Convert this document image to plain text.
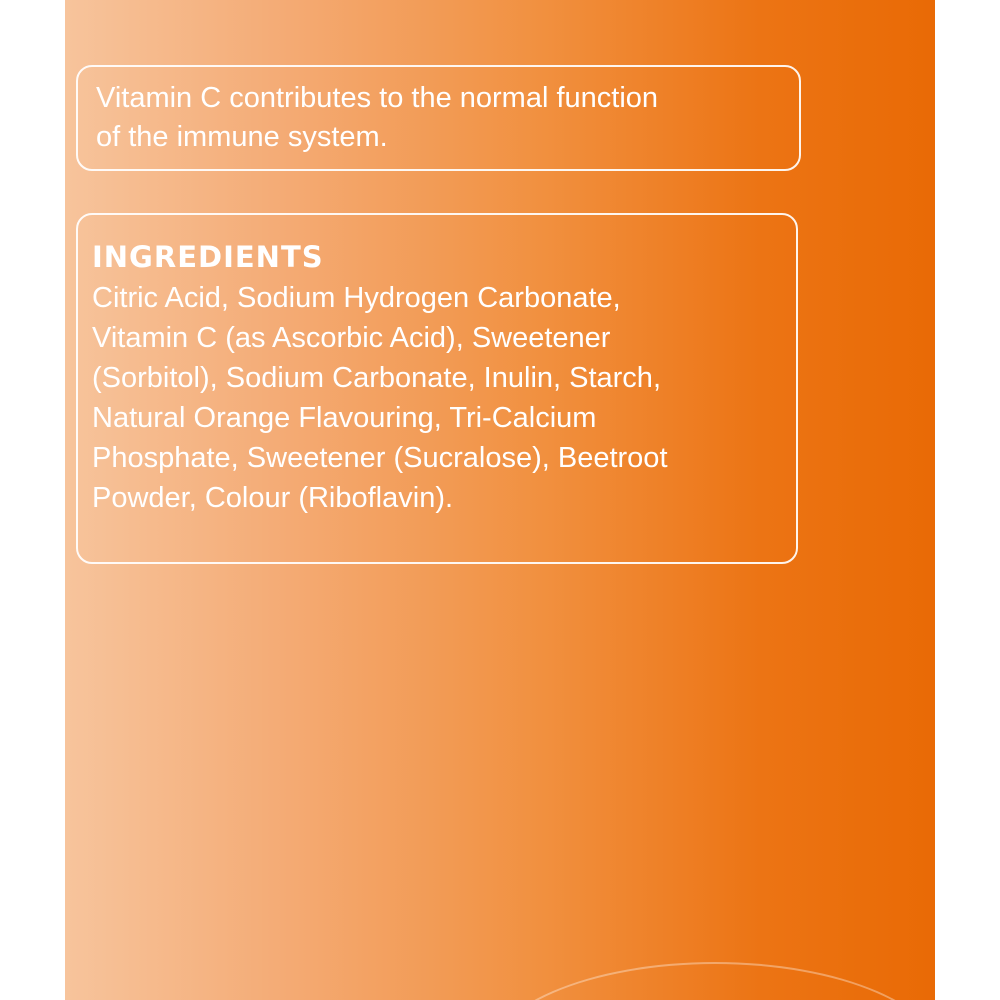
Vitamin C contributes to the normal function
of the immune system.
INGREDIENTS
Citric Acid, Sodium Hydrogen Carbonate,
Vitamin C (as Ascorbic Acid), Sweetener
(Sorbitol), Sodium Carbonate, Inulin, Starch,
Natural Orange Flavouring, Tri-Calcium
Phosphate, Sweetener (Sucralose), Beetroot
Powder, Colour (Riboflavin).
